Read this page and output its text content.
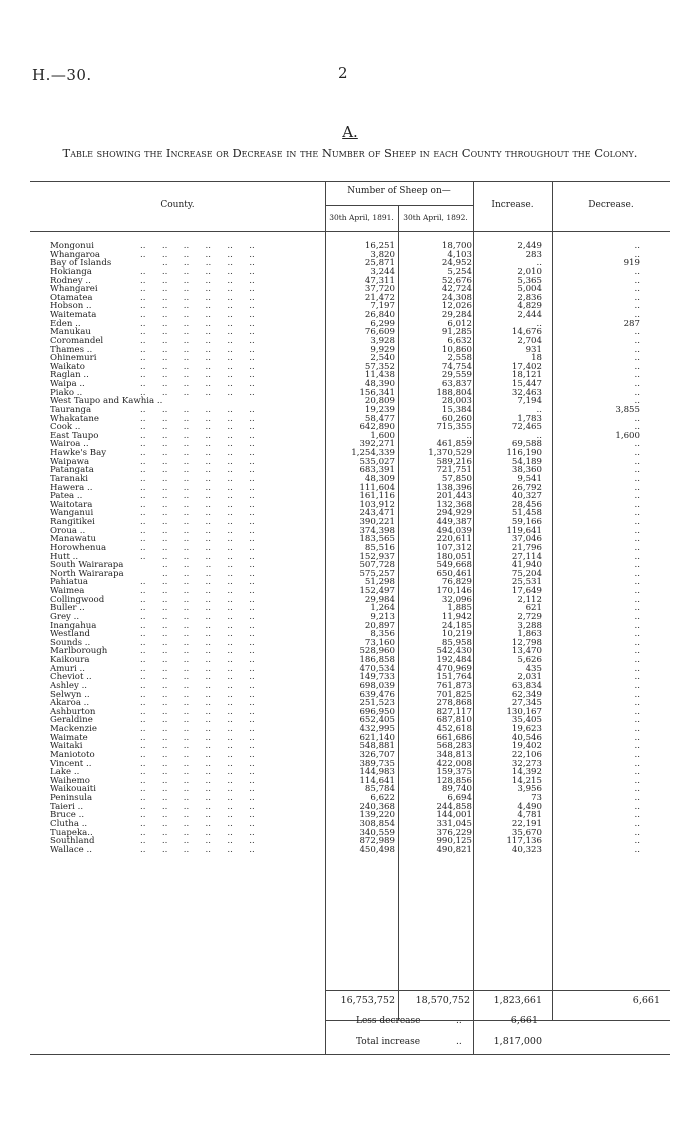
H.—30.	2
A.
Table showing the Increase or Decrease in the Number of Sheep in each County throughout the Colony.
County.
Number of Sheep on—
30th April, 1891.	30th April, 1892.
Increase.	Decrease.
Mongonui	16,251	18,700	2,449	..
..      ..      ..      ..      ..      ..
Whangaroa	3,820	4,103	283	..
..      ..      ..      ..      ..      ..
Bay of Islands	25,871	24,952	..	919
..      ..      ..      ..      ..
Hokianga	3,244	5,254	2,010	..
..      ..      ..      ..      ..      ..
Rodney ..	47,311	52,676	5,365	..
..      ..      ..      ..      ..      ..
Whangarei	37,720	42,724	5,004	..
..      ..      ..      ..      ..      ..
Otamatea	21,472	24,308	2,836	..
..      ..      ..      ..      ..      ..
Hobson ..	7,197	12,026	4,829	..
..      ..      ..      ..      ..      ..
Waitemata	26,840	29,284	2,444	..
..      ..      ..      ..      ..      ..
Eden ..	6,299	6,012	..	287
..      ..      ..      ..      ..      ..
Manukau	76,609	91,285	14,676	..
..      ..      ..      ..      ..      ..
Coromandel	3,928	6,632	2,704	..
..      ..      ..      ..      ..      ..
Thames ..	9,929	10,860	931	..
..      ..      ..      ..      ..      ..
Ohinemuri	2,540	2,558	18	..
..      ..      ..      ..      ..      ..
Waikato	57,352	74,754	17,402	..
..      ..      ..      ..      ..      ..
Raglan ..	11,438	29,559	18,121	..
..      ..      ..      ..      ..      ..
Waipa ..	48,390	63,837	15,447	..
..      ..      ..      ..      ..      ..
Piako ..	156,341	188,804	32,463	..
..      ..      ..      ..      ..      ..
West Taupo and Kawhia ..	20,809	28,003	7,194	..
Tauranga	19,239	15,384	..	3,855
..      ..      ..      ..      ..      ..
Whakatane	58,477	60,260	1,783	..
..      ..      ..      ..      ..      ..
Cook ..	642,890	715,355	72,465	..
..      ..      ..      ..      ..      ..
East Taupo	1,600	..	..	1,600
..      ..      ..      ..      ..      ..
Wairoa ..	392,271	461,859	69,588	..
..      ..      ..      ..      ..      ..
Hawke's Bay	1,254,339	1,370,529	116,190	..
..      ..      ..      ..      ..      ..
Waipawa	535,027	589,216	54,189	..
..      ..      ..      ..      ..      ..
Patangata	683,391	721,751	38,360	..
..      ..      ..      ..      ..      ..
Taranaki	48,309	57,850	9,541	..
..      ..      ..      ..      ..      ..
Hawera ..	111,604	138,396	26,792	..
..      ..      ..      ..      ..      ..
Patea ..	161,116	201,443	40,327	..
..      ..      ..      ..      ..      ..
Waitotara	103,912	132,368	28,456	..
..      ..      ..      ..      ..      ..
Wanganui	243,471	294,929	51,458	..
..      ..      ..      ..      ..      ..
Rangitikei	390,221	449,387	59,166	..
..      ..      ..      ..      ..      ..
Oroua ..	374,398	494,039	119,641	..
..      ..      ..      ..      ..      ..
Manawatu	183,565	220,611	37,046	..
..      ..      ..      ..      ..      ..
Horowhenua	85,516	107,312	21,796	..
..      ..      ..      ..      ..      ..
Hutt ..	152,937	180,051	27,114	..
..      ..      ..      ..      ..      ..
South Wairarapa	507,728	549,668	41,940	..
..      ..      ..      ..      ..
North Wairarapa	575,257	650,461	75,204	..
..      ..      ..      ..      ..
Pahiatua	51,298	76,829	25,531	..
..      ..      ..      ..      ..      ..
Waimea	152,497	170,146	17,649	..
..      ..      ..      ..      ..      ..
Collingwood	29,984	32,096	2,112	..
..      ..      ..      ..      ..      ..
Buller ..	1,264	1,885	621	..
..      ..      ..      ..      ..      ..
Grey ..	9,213	11,942	2,729	..
..      ..      ..      ..      ..      ..
Inangahua	20,897	24,185	3,288	..
..      ..      ..      ..      ..      ..
Westland	8,356	10,219	1,863	..
..      ..      ..      ..      ..      ..
Sounds ..	73,160	85,958	12,798	..
..      ..      ..      ..      ..      ..
Marlborough	528,960	542,430	13,470	..
..      ..      ..      ..      ..      ..
Kaikoura	186,858	192,484	5,626	..
..      ..      ..      ..      ..      ..
Amuri ..	470,534	470,969	435	..
..      ..      ..      ..      ..      ..
Cheviot ..	149,733	151,764	2,031	..
..      ..      ..      ..      ..      ..
Ashley ..	698,039	761,873	63,834	..
..      ..      ..      ..      ..      ..
Selwyn ..	639,476	701,825	62,349	..
..      ..      ..      ..      ..      ..
Akaroa ..	251,523	278,868	27,345	..
..      ..      ..      ..      ..      ..
Ashburton	696,950	827,117	130,167	..
..      ..      ..      ..      ..      ..
Geraldine	652,405	687,810	35,405	..
..      ..      ..      ..      ..      ..
Mackenzie	432,995	452,618	19,623	..
..      ..      ..      ..      ..      ..
Waimate	621,140	661,686	40,546	..
..      ..      ..      ..      ..      ..
Waitaki	548,881	568,283	19,402	..
..      ..      ..      ..      ..      ..
Maniototo	326,707	348,813	22,106	..
..      ..      ..      ..      ..      ..
Vincent ..	389,735	422,008	32,273	..
..      ..      ..      ..      ..      ..
Lake ..	144,983	159,375	14,392	..
..      ..      ..      ..      ..      ..
Waihemo	114,641	128,856	14,215	..
..      ..      ..      ..      ..      ..
Waikouaiti	85,784	89,740	3,956	..
..      ..      ..      ..      ..      ..
Peninsula	6,622	6,694	73	..
..      ..      ..      ..      ..      ..
Taieri ..	240,368	244,858	4,490	..
..      ..      ..      ..      ..      ..
Bruce ..	139,220	144,001	4,781	..
..      ..      ..      ..      ..      ..
Clutha ..	308,854	331,045	22,191	..
..      ..      ..      ..      ..      ..
Tuapeka..	340,559	376,229	35,670	..
..      ..      ..      ..      ..      ..
Southland	872,989	990,125	117,136	..
..      ..      ..      ..      ..      ..
Wallace ..	450,498	490,821	40,323	..
..      ..      ..      ..      ..      ..
16,753,752 18,570,752 1,823,661	6,661
Less decrease	..	6,661
Total increase	..	1,817,000
